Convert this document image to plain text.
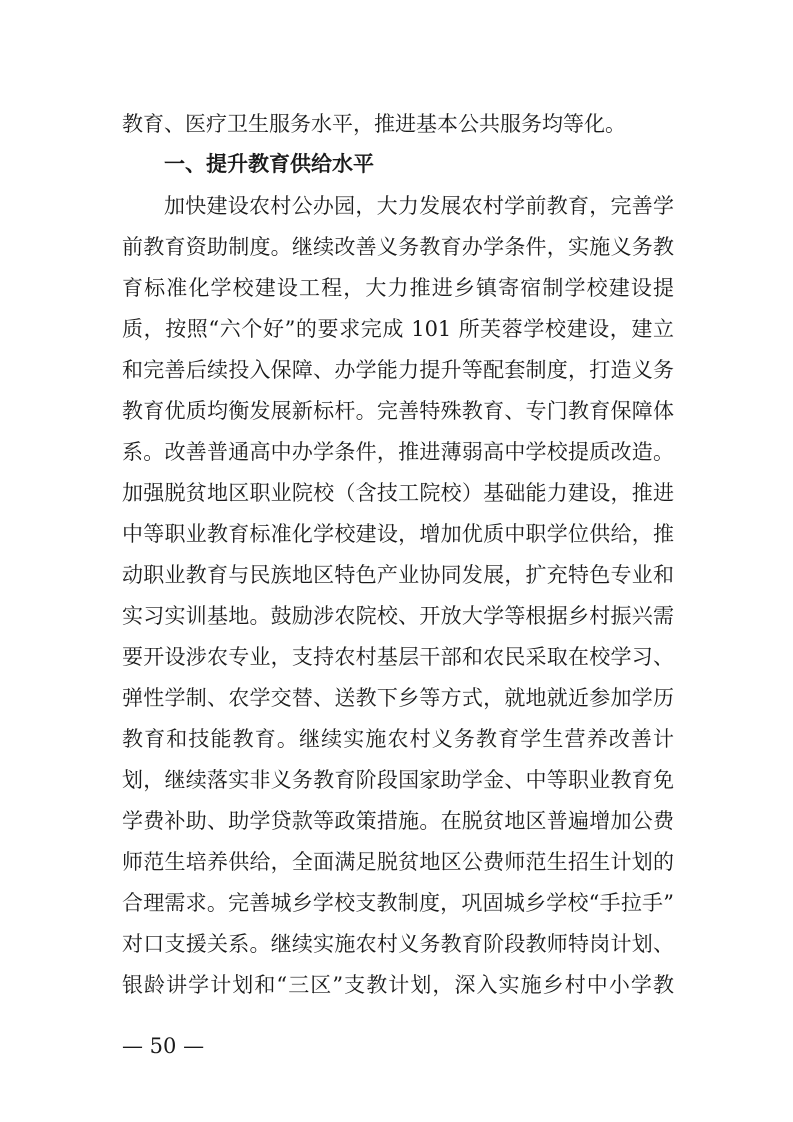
教育、医疗卫生服务水平，推进基本公共服务均等化。
一、提升教育供给水平
加快建设农村公办园，大力发展农村学前教育，完善学
前教育资助制度。继续改善义务教育办学条件，实施义务教
育标准化学校建设工程，大力推进乡镇寄宿制学校建设提
质，按照“六个好”的要求完成 101 所芙蓉学校建设，建立
和完善后续投入保障、办学能力提升等配套制度，打造义务
教育优质均衡发展新标杆。完善特殊教育、专门教育保障体
系。改善普通高中办学条件，推进薄弱高中学校提质改造。
加强脱贫地区职业院校（含技工院校）基础能力建设，推进
中等职业教育标准化学校建设，增加优质中职学位供给，推
动职业教育与民族地区特色产业协同发展，扩充特色专业和
实习实训基地。鼓励涉农院校、开放大学等根据乡村振兴需
要开设涉农专业，支持农村基层干部和农民采取在校学习、
弹性学制、农学交替、送教下乡等方式，就地就近参加学历
教育和技能教育。继续实施农村义务教育学生营养改善计
划，继续落实非义务教育阶段国家助学金、中等职业教育免
学费补助、助学贷款等政策措施。在脱贫地区普遍增加公费
师范生培养供给，全面满足脱贫地区公费师范生招生计划的
合理需求。完善城乡学校支教制度，巩固城乡学校“手拉手”
对口支援关系。继续实施农村义务教育阶段教师特岗计划、
银龄讲学计划和“三区”支教计划，深入实施乡村中小学教
— 50 —
